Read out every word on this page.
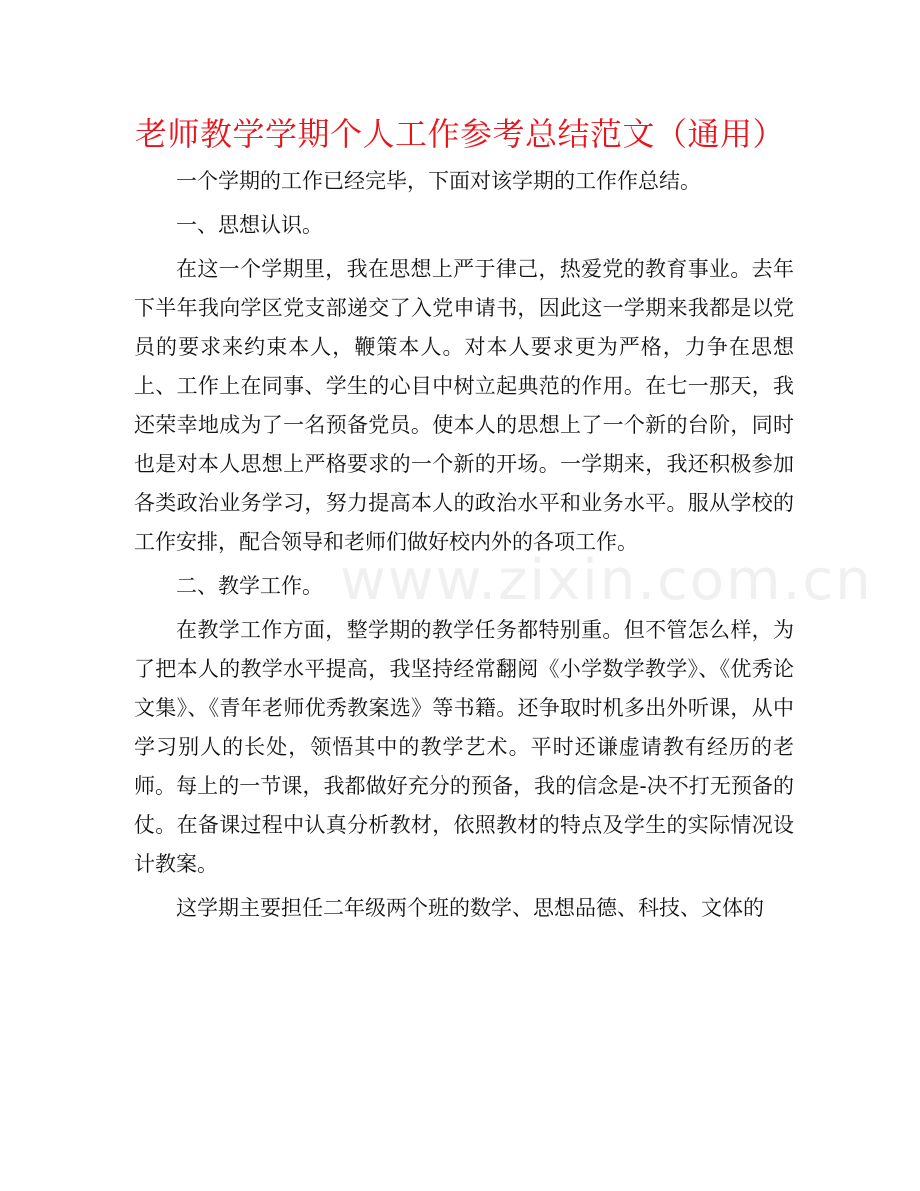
www.zixin.com.cn
老师教学学期个人工作参考总结范文（通用）

一个学期的工作已经完毕，下面对该学期的工作作总结。

一、思想认识。

在这一个学期里，我在思想上严于律己，热爱党的教育事业。去年下半年我向学区党支部递交了入党申请书，因此这一学期来我都是以党员的要求来约束本人，鞭策本人。对本人要求更为严格，力争在思想上、工作上在同事、学生的心目中树立起典范的作用。在七一那天，我还荣幸地成为了一名预备党员。使本人的思想上了一个新的台阶，同时也是对本人思想上严格要求的一个新的开场。一学期来，我还积极参加各类政治业务学习，努力提高本人的政治水平和业务水平。服从学校的工作安排，配合领导和老师们做好校内外的各项工作。

二、教学工作。

在教学工作方面，整学期的教学任务都特别重。但不管怎么样，为了把本人的教学水平提高，我坚持经常翻阅《小学数学教学》、《优秀论文集》、《青年老师优秀教案选》等书籍。还争取时机多出外听课，从中学习别人的长处，领悟其中的教学艺术。平时还谦虚请教有经历的老师。每上的一节课，我都做好充分的预备，我的信念是-决不打无预备的仗。在备课过程中认真分析教材，依照教材的特点及学生的实际情况设计教案。

这学期主要担任二年级两个班的数学、思想品德、科技、文体的
